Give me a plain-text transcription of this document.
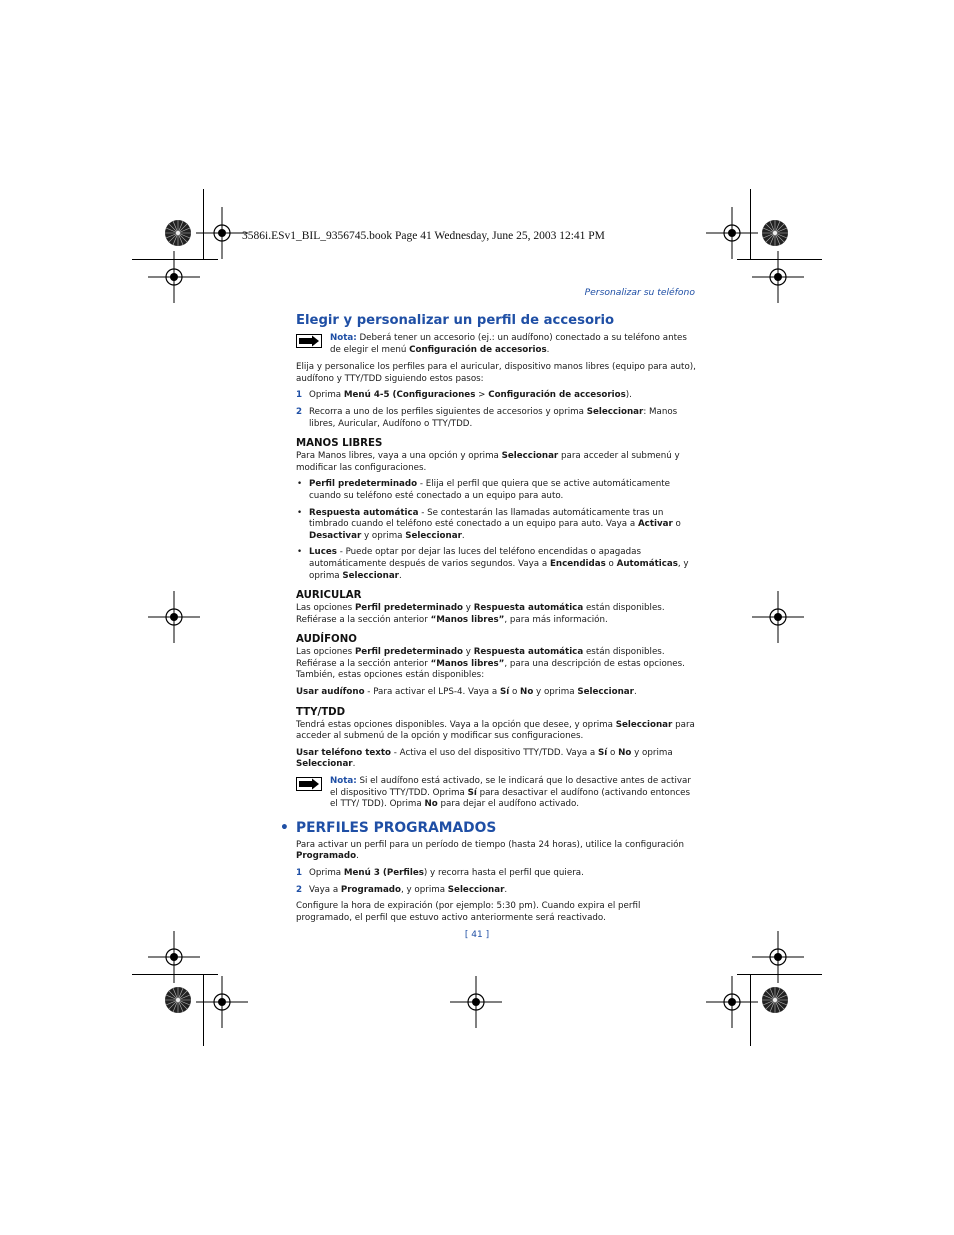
3586i.ESv1_BIL_9356745.book Page 41 Wednesday, June 25, 2003 12:41 PM
Personalizar su teléfono
Elegir y personalizar un perfil de accesorio
Nota: Deberá tener un accesorio (ej.: un audífono) conectado a su teléfono antes de elegir el menú Configuración de accesorios.

Elija y personalice los perfiles para el auricular, dispositivo manos libres (equipo para auto), audífono y TTY/TDD siguiendo estos pasos:

1 Oprima Menú 4-5 (Configuraciones > Configuración de accesorios).
2 Recorra a uno de los perfiles siguientes de accesorios y oprima Seleccionar: Manos libres, Auricular, Audífono o TTY/TDD.
MANOS LIBRES

Para Manos libres, vaya a una opción y oprima Seleccionar para acceder al submenú y modificar las configuraciones.

• Perfil predeterminado - Elija el perfil que quiera que se active automáticamente cuando su teléfono esté conectado a un equipo para auto.
• Respuesta automática - Se contestarán las llamadas automáticamente tras un timbrado cuando el teléfono esté conectado a un equipo para auto. Vaya a Activar o Desactivar y oprima Seleccionar.
• Luces - Puede optar por dejar las luces del teléfono encendidas o apagadas automáticamente después de varios segundos. Vaya a Encendidas o Automáticas, y oprima Seleccionar.
AURICULAR

Las opciones Perfil predeterminado y Respuesta automática están disponibles. Refiérase a la sección anterior “Manos libres”, para más información.

AUDÍFONO

Las opciones Perfil predeterminado y Respuesta automática están disponibles. Refiérase a la sección anterior “Manos libres”, para una descripción de estas opciones. También, estas opciones están disponibles:

Usar audífono - Para activar el LPS-4. Vaya a Sí o No y oprima Seleccionar.

TTY/TDD

Tendrá estas opciones disponibles. Vaya a la opción que desee, y oprima Seleccionar para acceder al submenú de la opción y modificar sus configuraciones.

Usar teléfono texto - Activa el uso del dispositivo TTY/TDD. Vaya a Sí o No y oprima Seleccionar.

Nota: Si el audífono está activado, se le indicará que lo desactive antes de activar el dispositivo TTY/TDD. Oprima Sí para desactivar el audífono (activando entonces el TTY/ TDD). Oprima No para dejar el audífono activado.
• PERFILES PROGRAMADOS

Para activar un perfil para un período de tiempo (hasta 24 horas), utilice la configuración Programado.

1 Oprima Menú 3 (Perfiles) y recorra hasta el perfil que quiera.
2 Vaya a Programado, y oprima Seleccionar.

Configure la hora de expiración (por ejemplo: 5:30 pm). Cuando expira el perfil programado, el perfil que estuvo activo anteriormente será reactivado.

[ 41 ]
